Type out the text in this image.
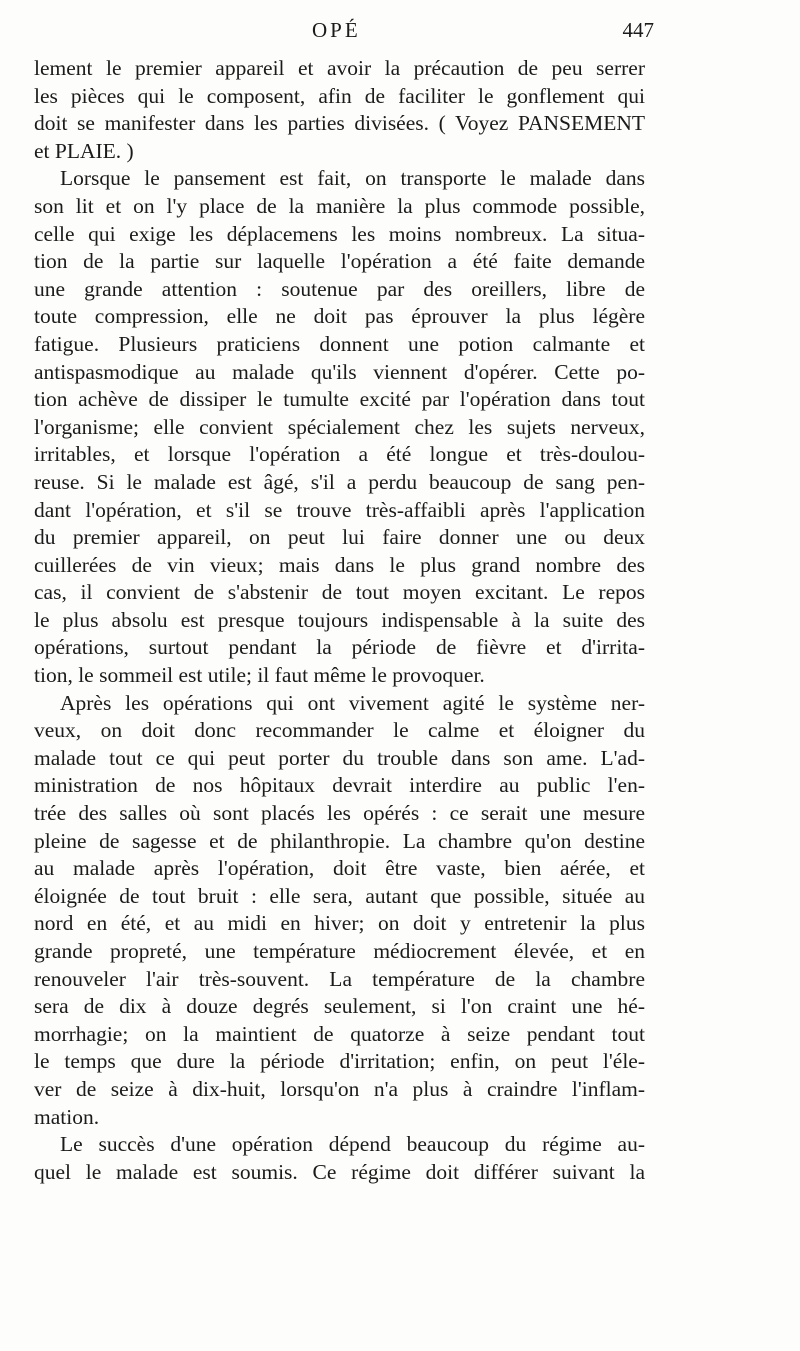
OPÉ	447
lement le premier appareil et avoir la précaution de peu serrer
les pièces qui le composent, afin de faciliter le gonflement qui
doit se manifester dans les parties divisées. ( Voyez PANSEMENT
et PLAIE. )
Lorsque le pansement est fait, on transporte le malade dans
son lit et on l'y place de la manière la plus commode possible,
celle qui exige les déplacemens les moins nombreux. La situa-
tion de la partie sur laquelle l'opération a été faite demande
une grande attention : soutenue par des oreillers, libre de
toute compression, elle ne doit pas éprouver la plus légère
fatigue. Plusieurs praticiens donnent une potion calmante et
antispasmodique au malade qu'ils viennent d'opérer. Cette po-
tion achève de dissiper le tumulte excité par l'opération dans tout
l'organisme; elle convient spécialement chez les sujets nerveux,
irritables, et lorsque l'opération a été longue et très-doulou-
reuse. Si le malade est âgé, s'il a perdu beaucoup de sang pen-
dant l'opération, et s'il se trouve très-affaibli après l'application
du premier appareil, on peut lui faire donner une ou deux
cuillerées de vin vieux; mais dans le plus grand nombre des
cas, il convient de s'abstenir de tout moyen excitant. Le repos
le plus absolu est presque toujours indispensable à la suite des
opérations, surtout pendant la période de fièvre et d'irrita-
tion, le sommeil est utile; il faut même le provoquer.
Après les opérations qui ont vivement agité le système ner-
veux, on doit donc recommander le calme et éloigner du
malade tout ce qui peut porter du trouble dans son ame. L'ad-
ministration de nos hôpitaux devrait interdire au public l'en-
trée des salles où sont placés les opérés : ce serait une mesure
pleine de sagesse et de philanthropie. La chambre qu'on destine
au malade après l'opération, doit être vaste, bien aérée, et
éloignée de tout bruit : elle sera, autant que possible, située au
nord en été, et au midi en hiver; on doit y entretenir la plus
grande propreté, une température médiocrement élevée, et en
renouveler l'air très-souvent. La température de la chambre
sera de dix à douze degrés seulement, si l'on craint une hé-
morrhagie; on la maintient de quatorze à seize pendant tout
le temps que dure la période d'irritation; enfin, on peut l'éle-
ver de seize à dix-huit, lorsqu'on n'a plus à craindre l'inflam-
mation.
Le succès d'une opération dépend beaucoup du régime au-
quel le malade est soumis. Ce régime doit différer suivant la
